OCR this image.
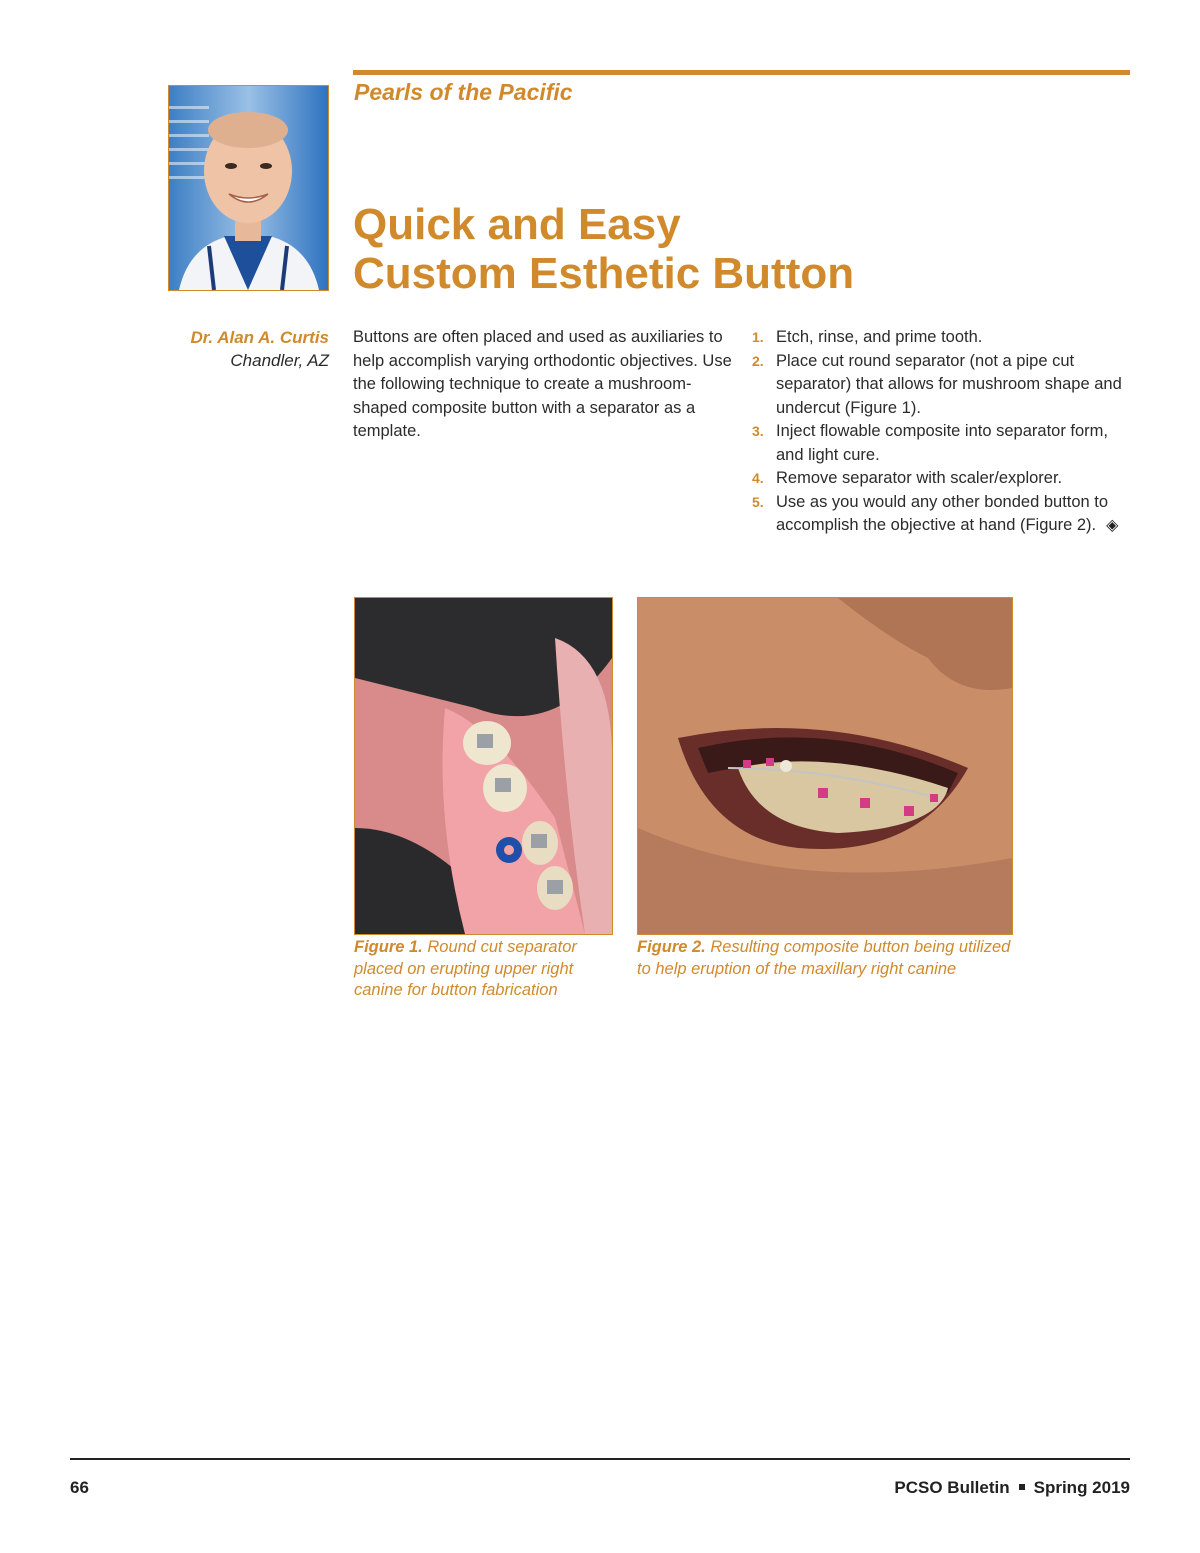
Pearls of the Pacific
Quick and Easy
Custom Esthetic Button
Dr. Alan A. Curtis
Chandler, AZ
Buttons are often placed and used as auxiliaries to help accomplish varying orthodontic objectives. Use the following technique to create a mushroom-shaped composite button with a separator as a template.
1. Etch, rinse, and prime tooth.
2. Place cut round separator (not a pipe cut separator) that allows for mushroom shape and undercut (Figure 1).
3. Inject flowable composite into separator form, and light cure.
4. Remove separator with scaler/explorer.
5. Use as you would any other bonded button to accomplish the objective at hand (Figure 2). ◈
Figure 1. Round cut separator placed on erupting upper right canine for button fabrication
Figure 2. Resulting composite button being utilized to help eruption of the maxillary right canine
66	PCSO Bulletin Spring 2019
